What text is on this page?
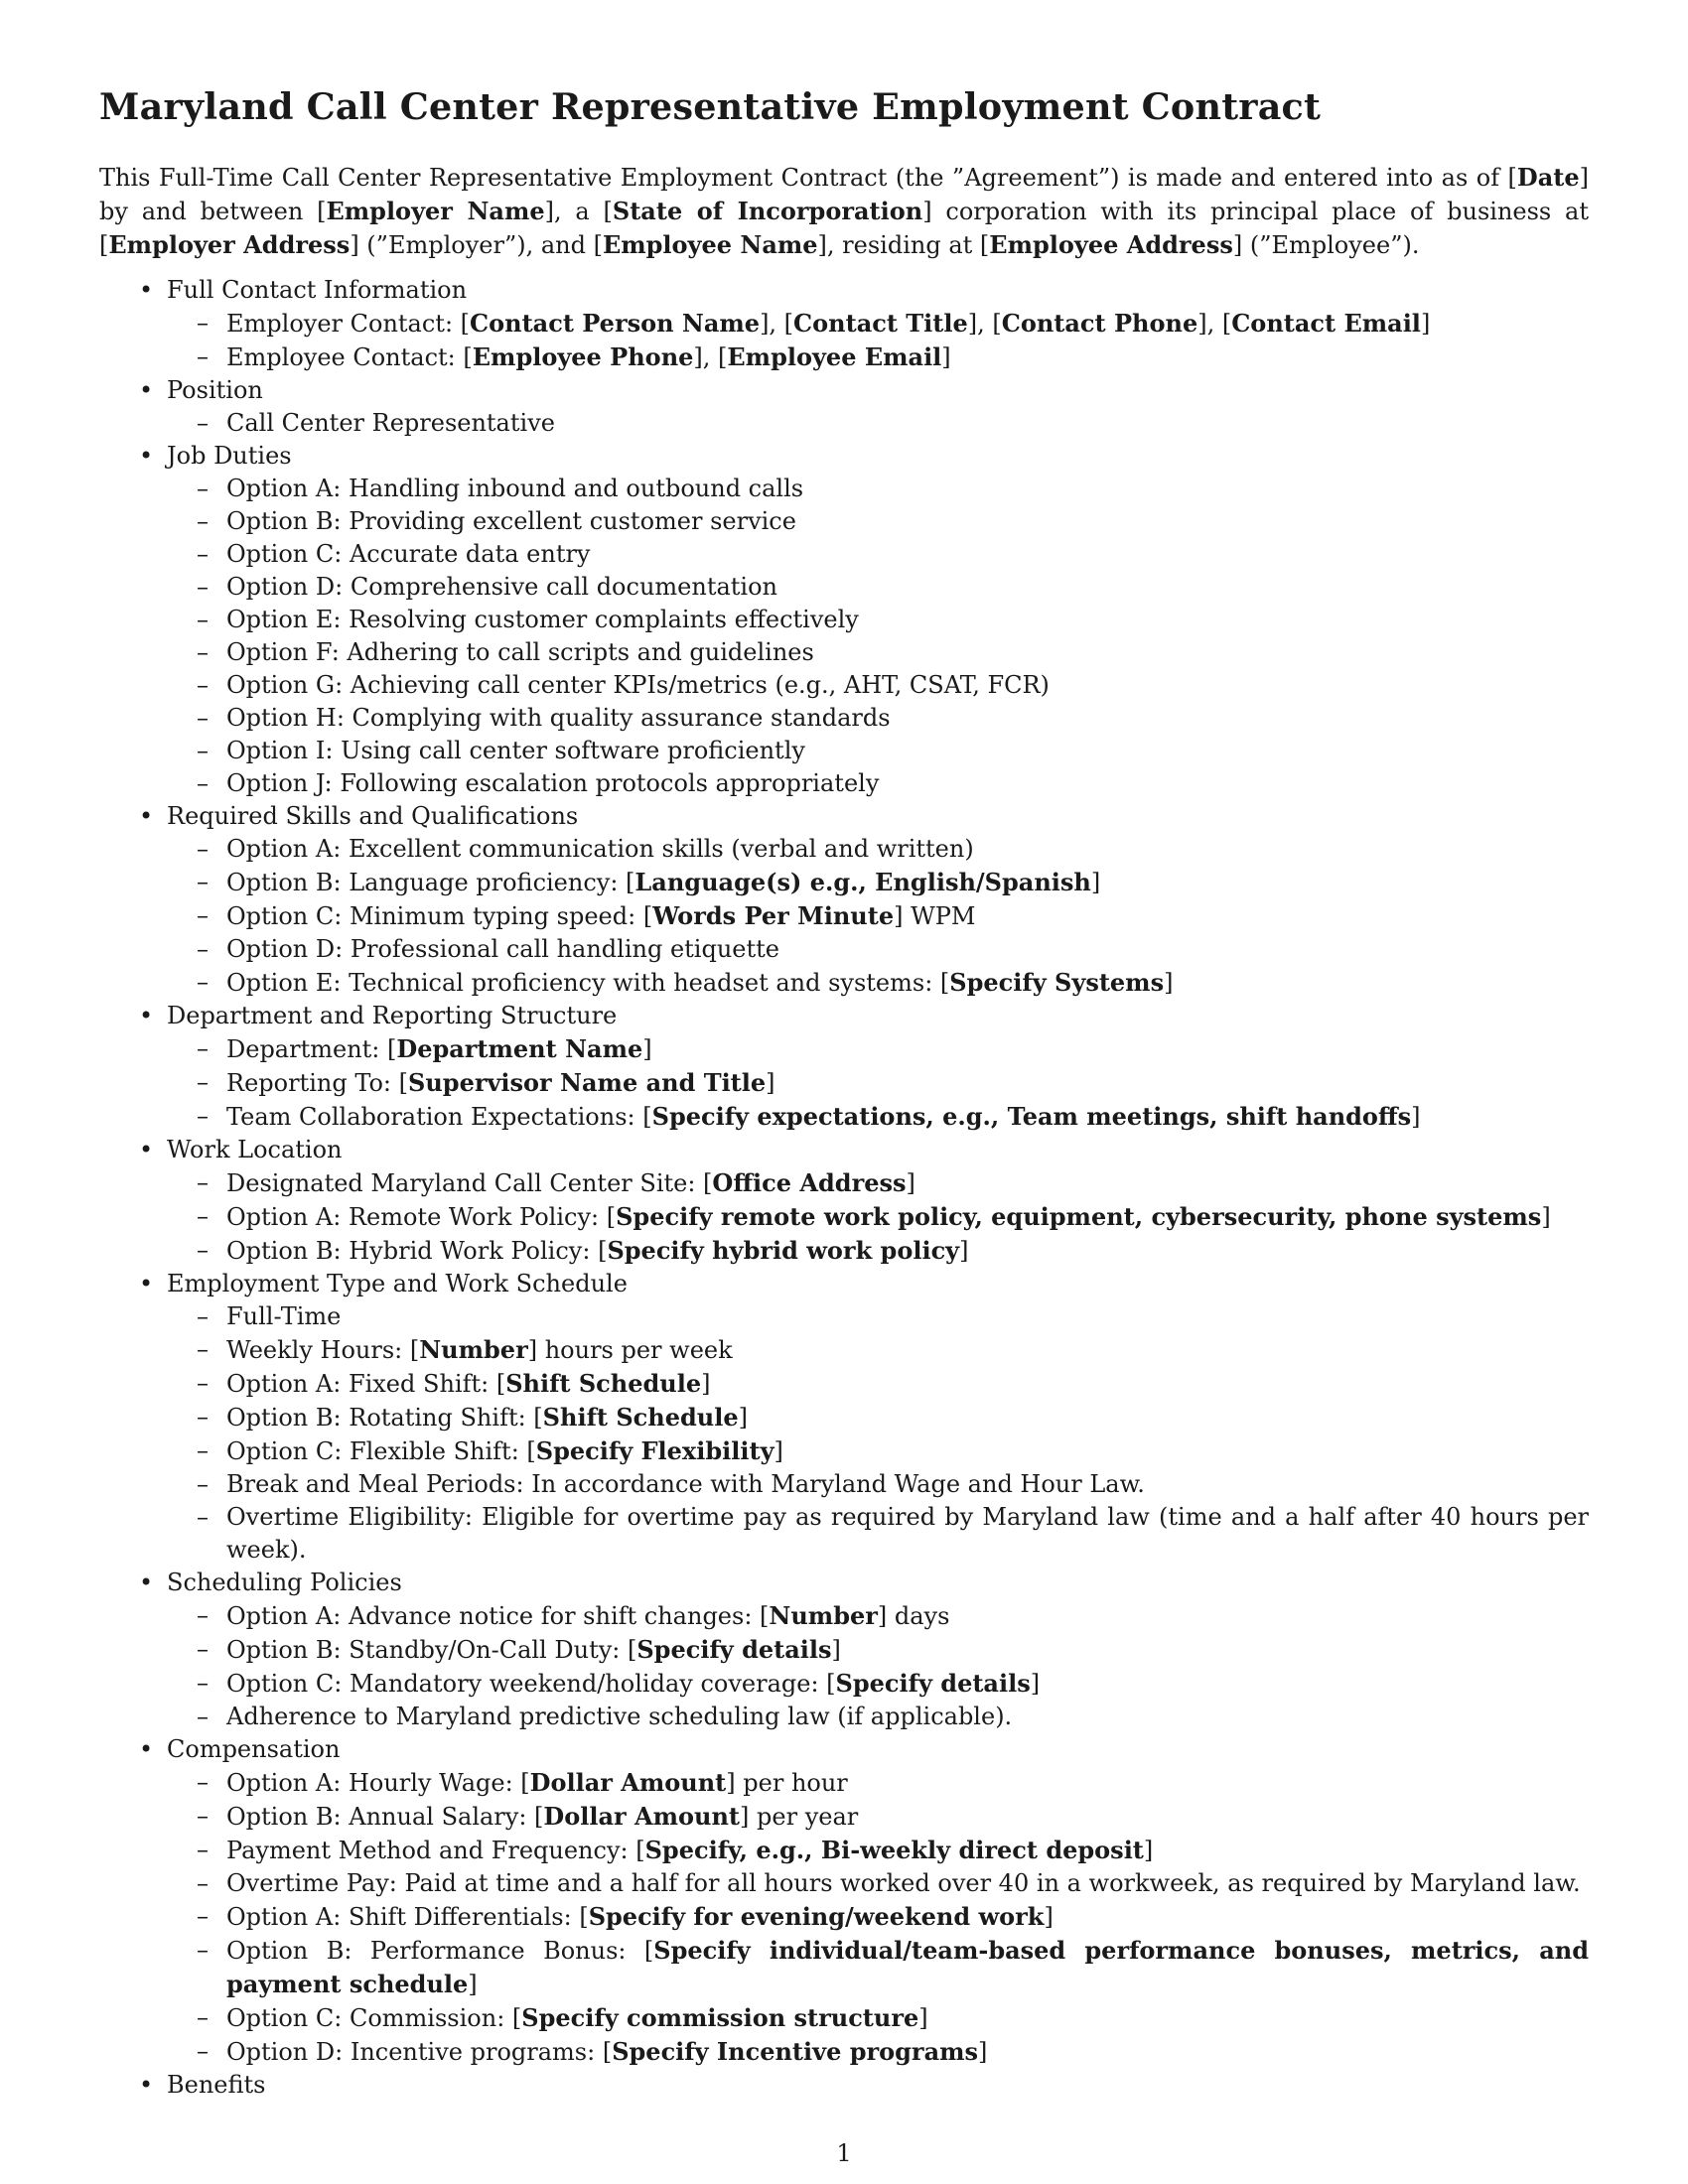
Maryland Call Center Representative Employment Contract

This Full-Time Call Center Representative Employment Contract (the ”Agreement”) is made and entered into as of [Date] by and between [Employer Name], a [State of Incorporation] corporation with its principal place of business at [Employer Address] (”Employer”), and [Employee Name], residing at [Employee Address] (”Employee”).

• Full Contact Information
– Employer Contact: [Contact Person Name], [Contact Title], [Contact Phone], [Contact Email]
– Employee Contact: [Employee Phone], [Employee Email]
• Position
– Call Center Representative
• Job Duties
– Option A: Handling inbound and outbound calls
– Option B: Providing excellent customer service
– Option C: Accurate data entry
– Option D: Comprehensive call documentation
– Option E: Resolving customer complaints effectively
– Option F: Adhering to call scripts and guidelines
– Option G: Achieving call center KPIs/metrics (e.g., AHT, CSAT, FCR)
– Option H: Complying with quality assurance standards
– Option I: Using call center software proficiently
– Option J: Following escalation protocols appropriately
• Required Skills and Qualifications
– Option A: Excellent communication skills (verbal and written)
– Option B: Language proficiency: [Language(s) e.g., English/Spanish]
– Option C: Minimum typing speed: [Words Per Minute] WPM
– Option D: Professional call handling etiquette
– Option E: Technical proficiency with headset and systems: [Specify Systems]
• Department and Reporting Structure
– Department: [Department Name]
– Reporting To: [Supervisor Name and Title]
– Team Collaboration Expectations: [Specify expectations, e.g., Team meetings, shift handoffs]
• Work Location
– Designated Maryland Call Center Site: [Office Address]
– Option A: Remote Work Policy: [Specify remote work policy, equipment, cybersecurity, phone systems]
– Option B: Hybrid Work Policy: [Specify hybrid work policy]
• Employment Type and Work Schedule
– Full-Time
– Weekly Hours: [Number] hours per week
– Option A: Fixed Shift: [Shift Schedule]
– Option B: Rotating Shift: [Shift Schedule]
– Option C: Flexible Shift: [Specify Flexibility]
– Break and Meal Periods: In accordance with Maryland Wage and Hour Law.
– Overtime Eligibility: Eligible for overtime pay as required by Maryland law (time and a half after 40 hours per week).
• Scheduling Policies
– Option A: Advance notice for shift changes: [Number] days
– Option B: Standby/On-Call Duty: [Specify details]
– Option C: Mandatory weekend/holiday coverage: [Specify details]
– Adherence to Maryland predictive scheduling law (if applicable).
• Compensation
– Option A: Hourly Wage: [Dollar Amount] per hour
– Option B: Annual Salary: [Dollar Amount] per year
– Payment Method and Frequency: [Specify, e.g., Bi-weekly direct deposit]
– Overtime Pay: Paid at time and a half for all hours worked over 40 in a workweek, as required by Maryland law.
– Option A: Shift Differentials: [Specify for evening/weekend work]
– Option B: Performance Bonus: [Specify individual/team-based performance bonuses, metrics, and payment schedule]
– Option C: Commission: [Specify commission structure]
– Option D: Incentive programs: [Specify Incentive programs]
• Benefits
1
